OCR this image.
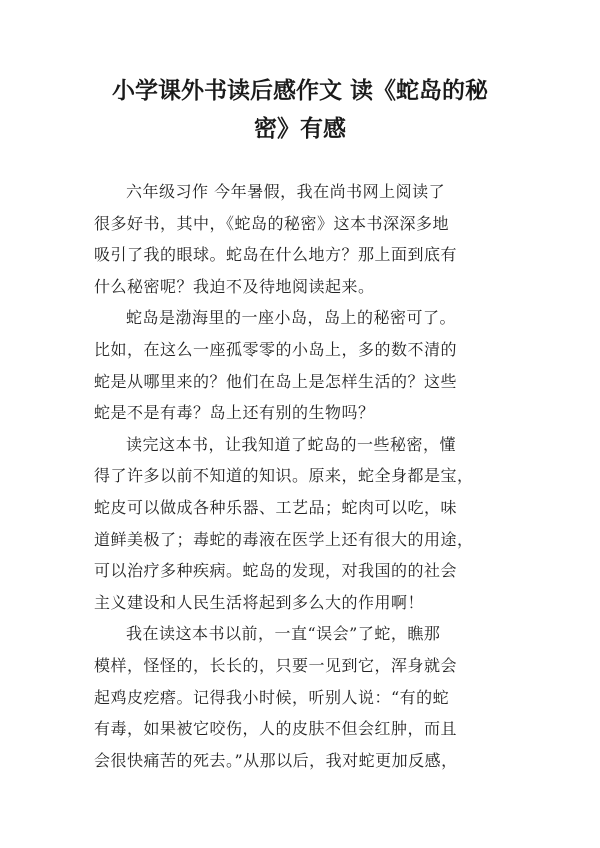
小学课外书读后感作文 读《蛇岛的秘
密》有感
六年级习作 今年暑假，我在尚书网上阅读了
很多好书，其中，《蛇岛的秘密》这本书深深多地
吸引了我的眼球。蛇岛在什么地方？那上面到底有
什么秘密呢？我迫不及待地阅读起来。
蛇岛是渤海里的一座小岛，岛上的秘密可了。
比如，在这么一座孤零零的小岛上，多的数不清的
蛇是从哪里来的？他们在岛上是怎样生活的？这些
蛇是不是有毒？岛上还有别的生物吗？
读完这本书，让我知道了蛇岛的一些秘密，懂
得了许多以前不知道的知识。原来，蛇全身都是宝，
蛇皮可以做成各种乐器、工艺品；蛇肉可以吃，味
道鲜美极了；毒蛇的毒液在医学上还有很大的用途，
可以治疗多种疾病。蛇岛的发现，对我国的的社会
主义建设和人民生活将起到多么大的作用啊！
我在读这本书以前，一直“误会”了蛇，瞧那
模样，怪怪的，长长的，只要一见到它，浑身就会
起鸡皮疙瘩。记得我小时候，听别人说：“有的蛇
有毒，如果被它咬伤，人的皮肤不但会红肿，而且
会很快痛苦的死去。”从那以后，我对蛇更加反感，
